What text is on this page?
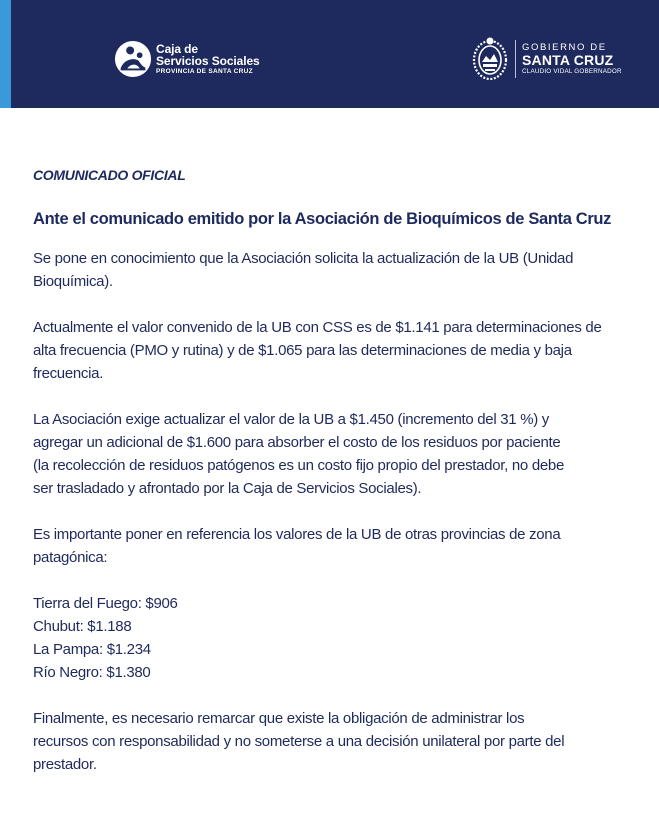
Caja de
Servicios Sociales
PROVINCIA DE SANTA CRUZ
GOBIERNO DE
SANTA CRUZ
CLAUDIO VIDAL GOBERNADOR
COMUNICADO OFICIAL
Ante el comunicado emitido por la Asociación de Bioquímicos de Santa Cruz

Se pone en conocimiento que la Asociación solicita la actualización de la UB (Unidad
Bioquímica).

Actualmente el valor convenido de la UB con CSS es de $1.141 para determinaciones de
alta frecuencia (PMO y rutina) y de $1.065 para las determinaciones de media y baja
frecuencia.

La Asociación exige actualizar el valor de la UB a $1.450 (incremento del 31 %) y
agregar un adicional de $1.600 para absorber el costo de los residuos por paciente
(la recolección de residuos patógenos es un costo fijo propio del prestador, no debe
ser trasladado y afrontado por la Caja de Servicios Sociales).

Es importante poner en referencia los valores de la UB de otras provincias de zona
patagónica:

Tierra del Fuego: $906
Chubut: $1.188
La Pampa: $1.234
Río Negro: $1.380

Finalmente, es necesario remarcar que existe la obligación de administrar los
recursos con responsabilidad y no someterse a una decisión unilateral por parte del
prestador.
